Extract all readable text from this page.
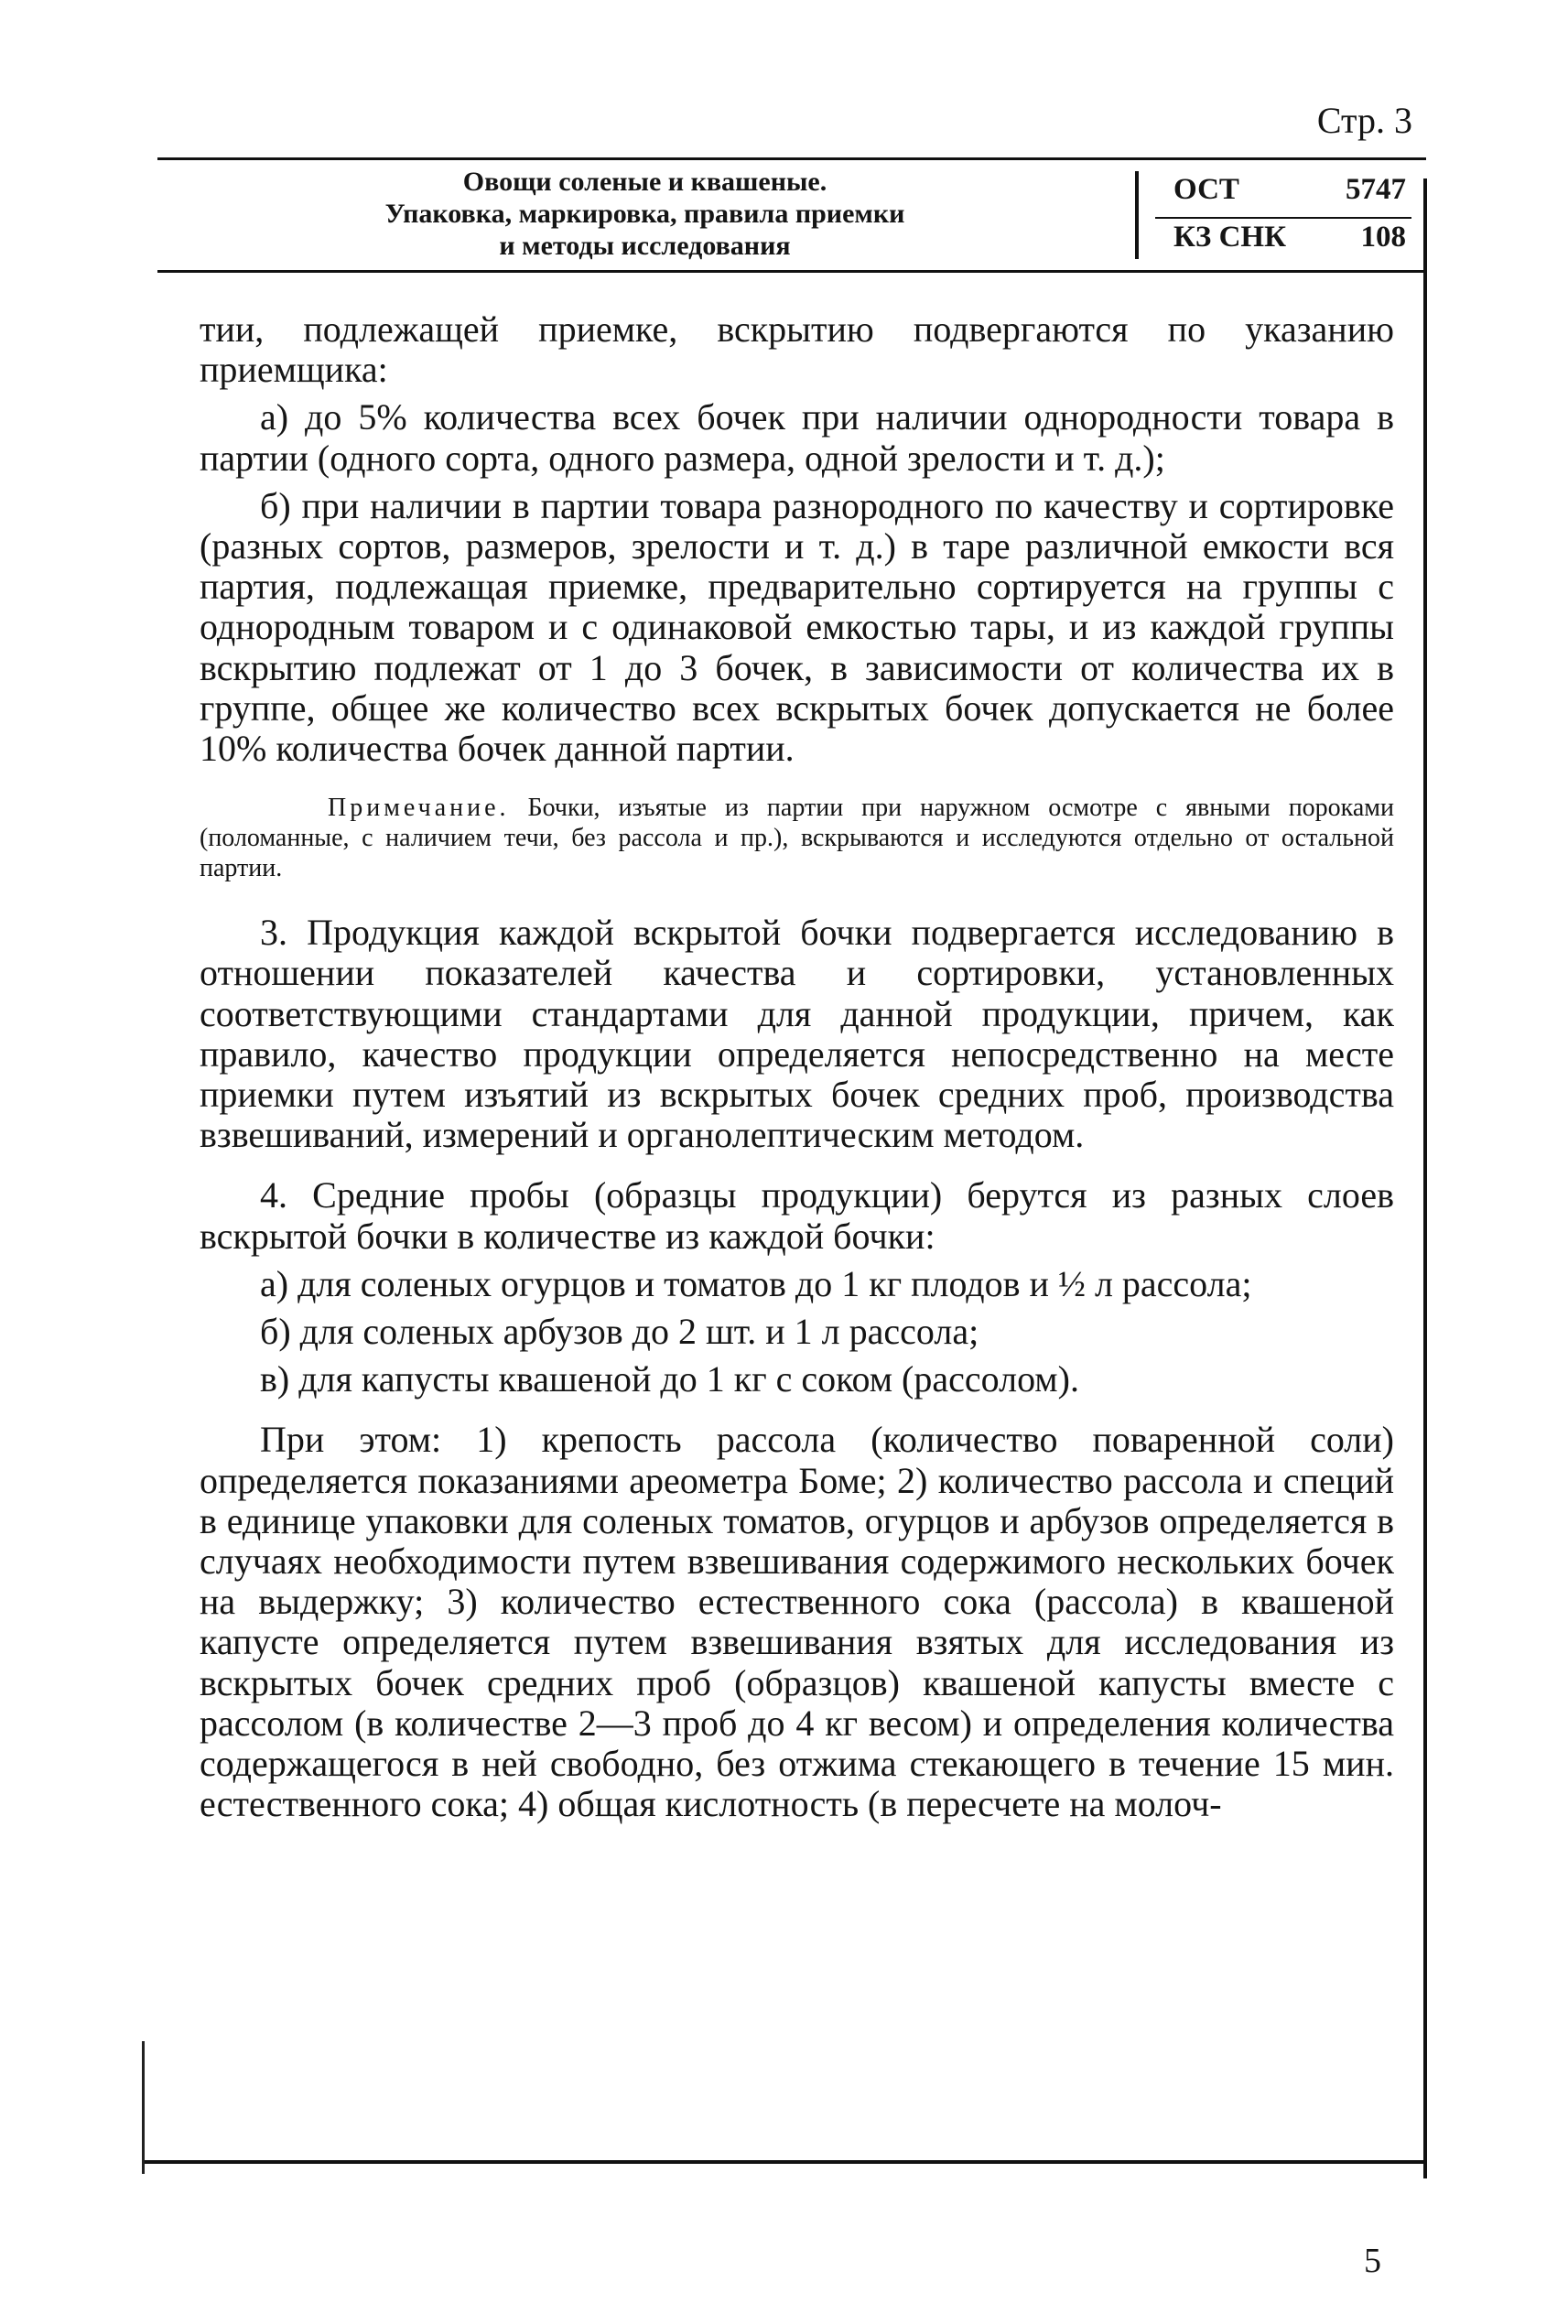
Стр. 3
Овощи соленые и квашеные.
Упаковка, маркировка, правила приемки
и методы исследования
ОСТ	5747
КЗ СНК 108

тии, подлежащей приемке, вскрытию подвергаются по указанию приемщика:

а) до 5% количества всех бочек при наличии однородности товара в партии (одного сорта, одного размера, одной зрелости и т. д.);

б) при наличии в партии товара разнородного по качеству и сортировке (разных сортов, размеров, зрелости и т. д.) в таре различной емкости вся партия, подлежащая приемке, предварительно сортируется на группы с однородным товаром и с одинаковой емкостью тары, и из каждой группы вскрытию подлежат от 1 до 3 бочек, в зависимости от количества их в группе, общее же количество всех вскрытых бочек допускается не более 10% количества бочек данной партии.

Примечание. Бочки, изъятые из партии при наружном осмотре с явными пороками (поломанные, с наличием течи, без рассола и пр.), вскрываются и исследуются отдельно от остальной партии.

3. Продукция каждой вскрытой бочки подвергается исследованию в отношении показателей качества и сортировки, установленных соответствующими стандартами для данной продукции, причем, как правило, качество продукции определяется непосредственно на месте приемки путем изъятий из вскрытых бочек средних проб, производства взвешиваний, измерений и органолептическим методом.

4. Средние пробы (образцы продукции) берутся из разных слоев вскрытой бочки в количестве из каждой бочки:

а) для соленых огурцов и томатов до 1 кг плодов и ½ л рассола;

б) для соленых арбузов до 2 шт. и 1 л рассола;

в) для капусты квашеной до 1 кг с соком (рассолом).

При этом: 1) крепость рассола (количество поваренной соли) определяется показаниями ареометра Боме; 2) количество рассола и специй в единице упаковки для соленых томатов, огурцов и арбузов определяется в случаях необходимости путем взвешивания содержимого нескольких бочек на выдержку; 3) количество естественного сока (рассола) в квашеной капусте определяется путем взвешивания взятых для исследования из вскрытых бочек средних проб (образцов) квашеной капусты вместе с рассолом (в количестве 2—3 проб до 4 кг весом) и определения количества содержащегося в ней свободно, без отжима стекающего в течение 15 мин. естественного сока; 4) общая кислотность (в пересчете на молоч-

5
